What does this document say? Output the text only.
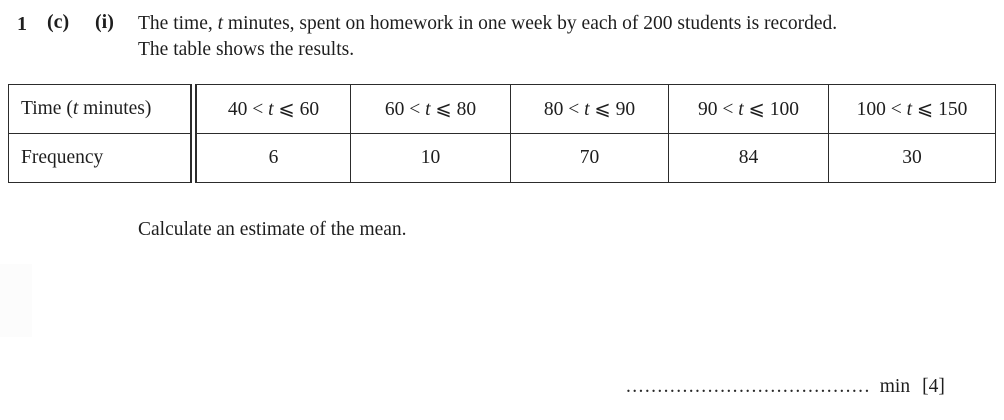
1 (c) (i) The time, t minutes, spent on homework in one week by each of 200 students is recorded.
The table shows the results.
Time (t minutes)	40 < t ⩽ 60	60 < t ⩽ 80	80 < t ⩽ 90	90 < t ⩽ 100	100 < t ⩽ 150
Frequency	6	10	70	84	30
Calculate an estimate of the mean.
....................................... min [4]
